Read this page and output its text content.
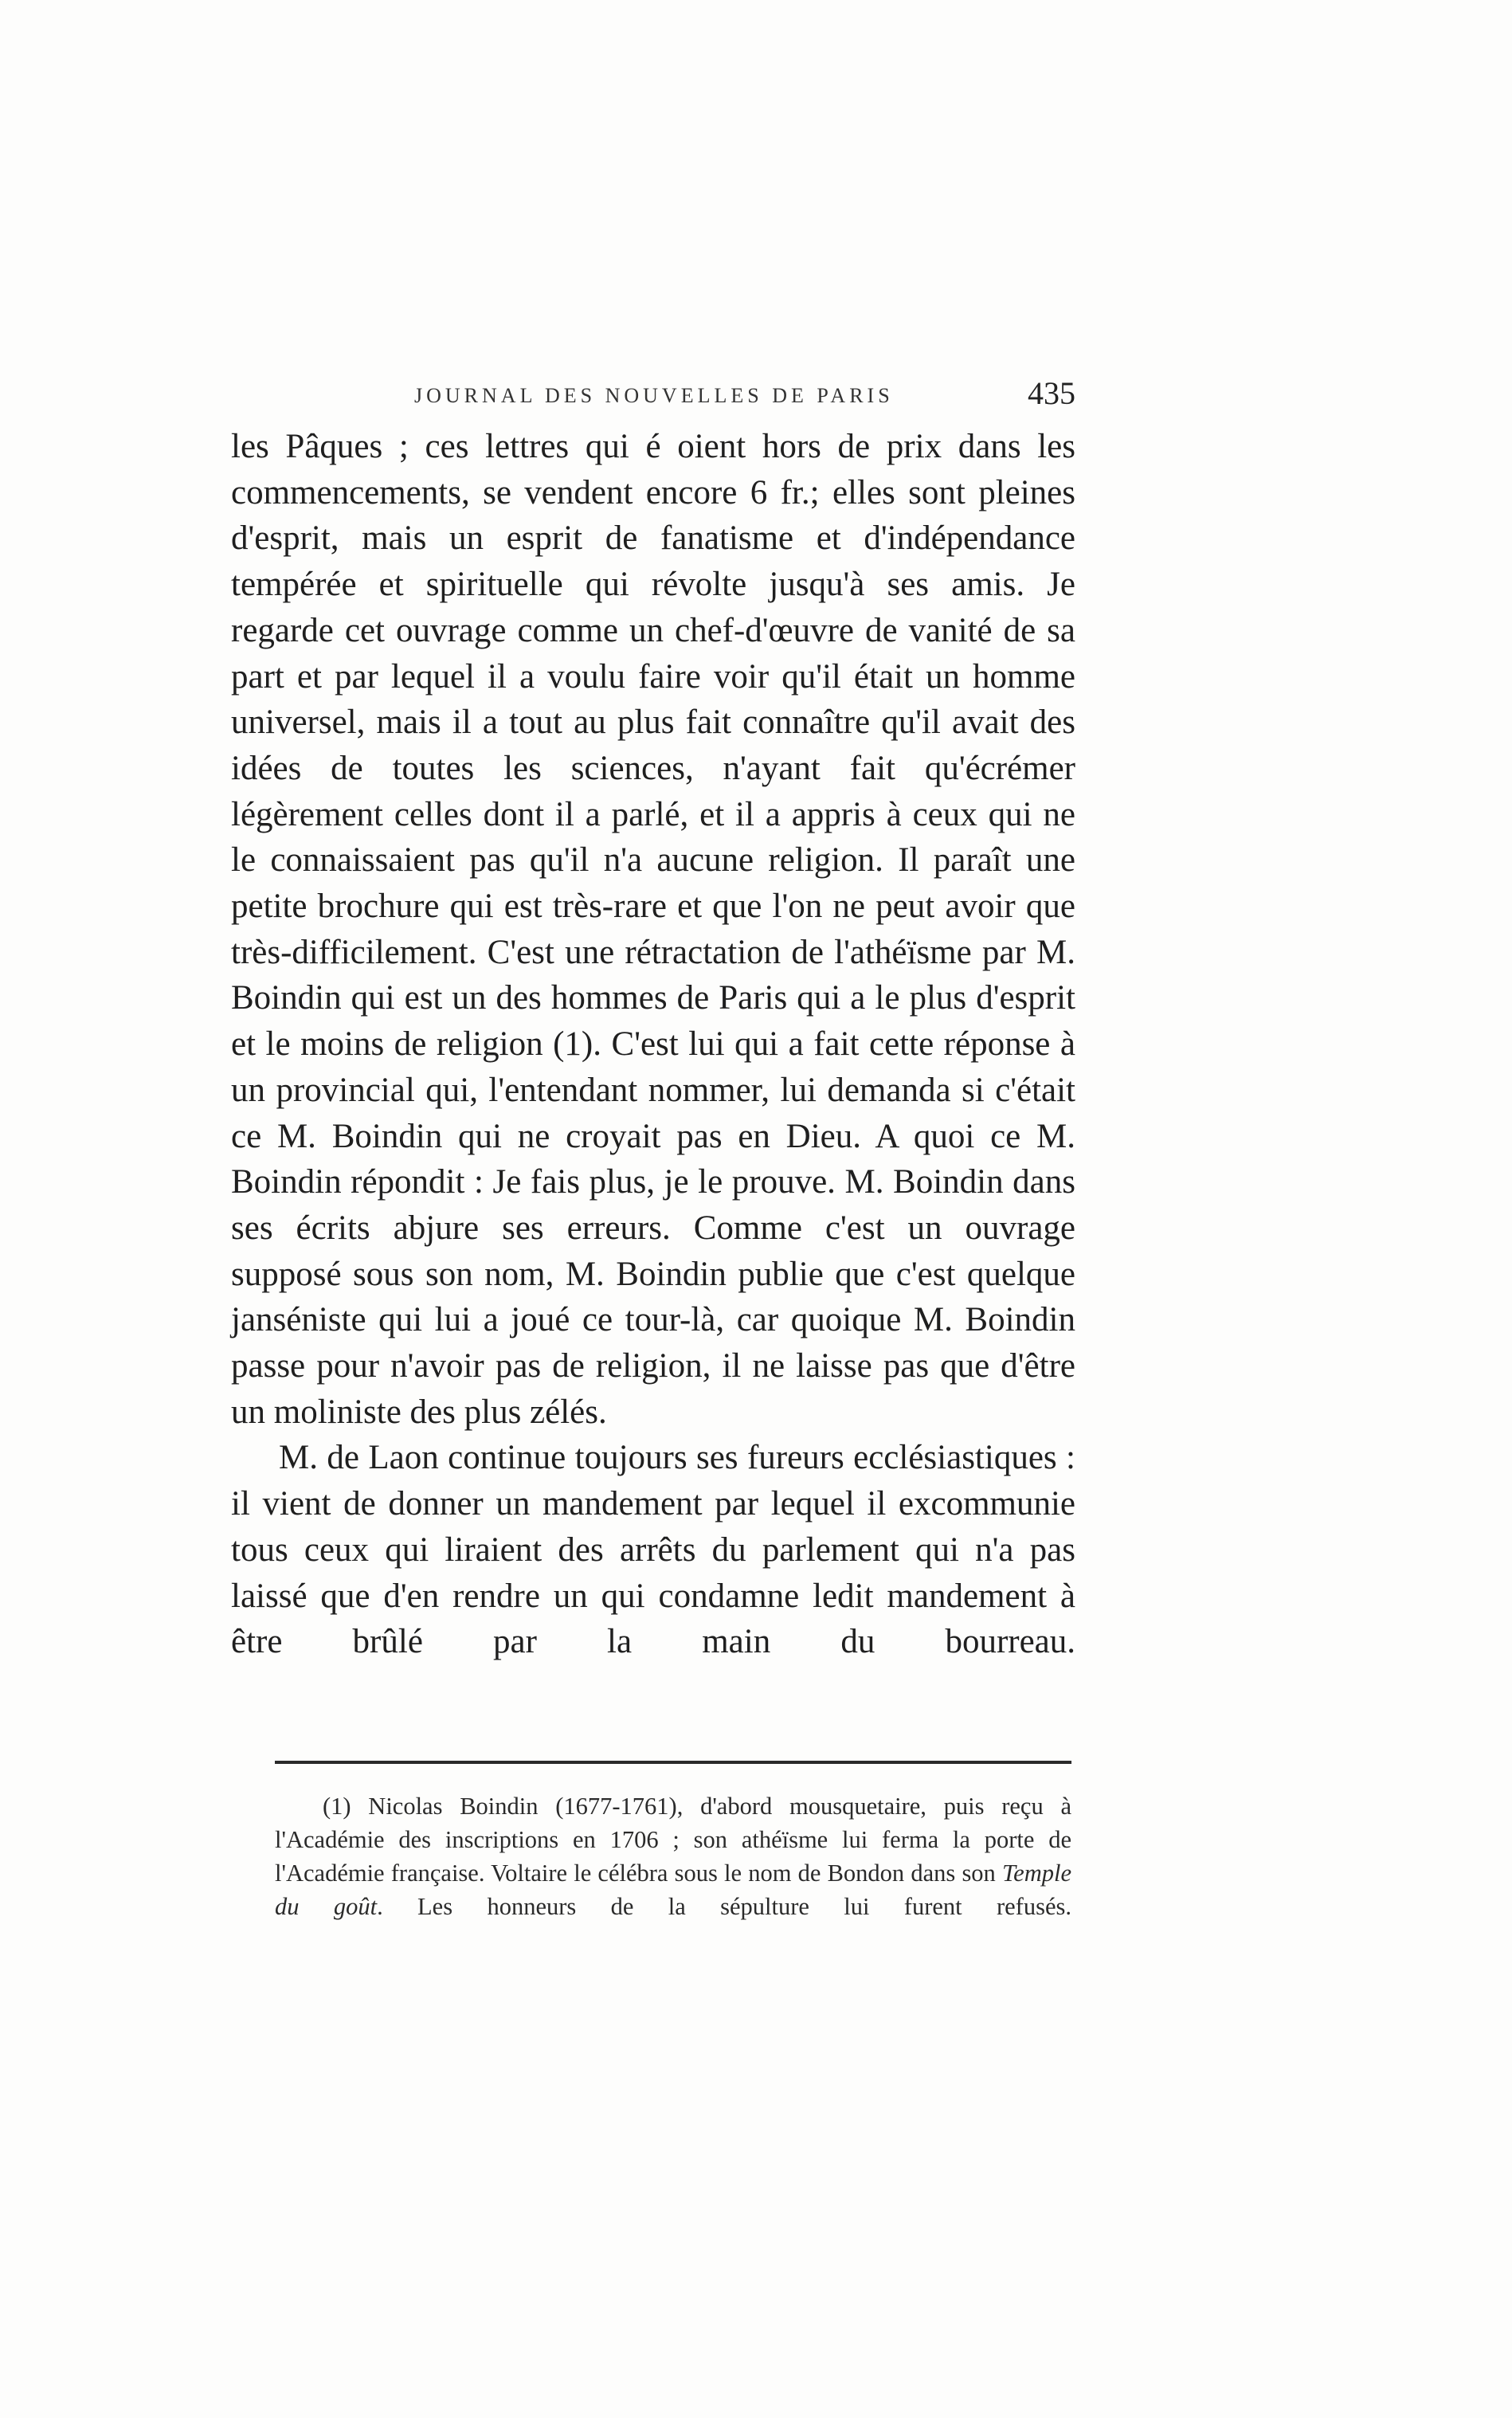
JOURNAL DES NOUVELLES DE PARIS	435

les Pâques ; ces lettres qui é oient hors de prix dans les commencements, se vendent encore 6 fr.; elles sont pleines d'esprit, mais un esprit de fanatisme et d'indépendance tempérée et spirituelle qui révolte jusqu'à ses amis. Je regarde cet ouvrage comme un chef-d'œuvre de vanité de sa part et par lequel il a voulu faire voir qu'il était un homme universel, mais il a tout au plus fait connaître qu'il avait des idées de toutes les sciences, n'ayant fait qu'écrémer légèrement celles dont il a parlé, et il a appris à ceux qui ne le connaissaient pas qu'il n'a aucune religion. Il paraît une petite brochure qui est très-rare et que l'on ne peut avoir que très-difficilement. C'est une rétractation de l'athéïsme par M. Boindin qui est un des hommes de Paris qui a le plus d'esprit et le moins de religion (1). C'est lui qui a fait cette réponse à un provincial qui, l'entendant nommer, lui demanda si c'était ce M. Boindin qui ne croyait pas en Dieu. A quoi ce M. Boindin répondit : Je fais plus, je le prouve. M. Boindin dans ses écrits abjure ses erreurs. Comme c'est un ouvrage supposé sous son nom, M. Boindin publie que c'est quelque janséniste qui lui a joué ce tour-là, car quoique M. Boindin passe pour n'avoir pas de religion, il ne laisse pas que d'être un moliniste des plus zélés.

M. de Laon continue toujours ses fureurs ecclésiastiques : il vient de donner un mandement par lequel il excommunie tous ceux qui liraient des arrêts du parlement qui n'a pas laissé que d'en rendre un qui condamne ledit mandement à être brûlé par la main du bourreau.

(1) Nicolas Boindin (1677-1761), d'abord mousquetaire, puis reçu à l'Académie des inscriptions en 1706 ; son athéïsme lui ferma la porte de l'Académie française. Voltaire le célébra sous le nom de Bondon dans son Temple du goût. Les honneurs de la sépulture lui furent refusés.
